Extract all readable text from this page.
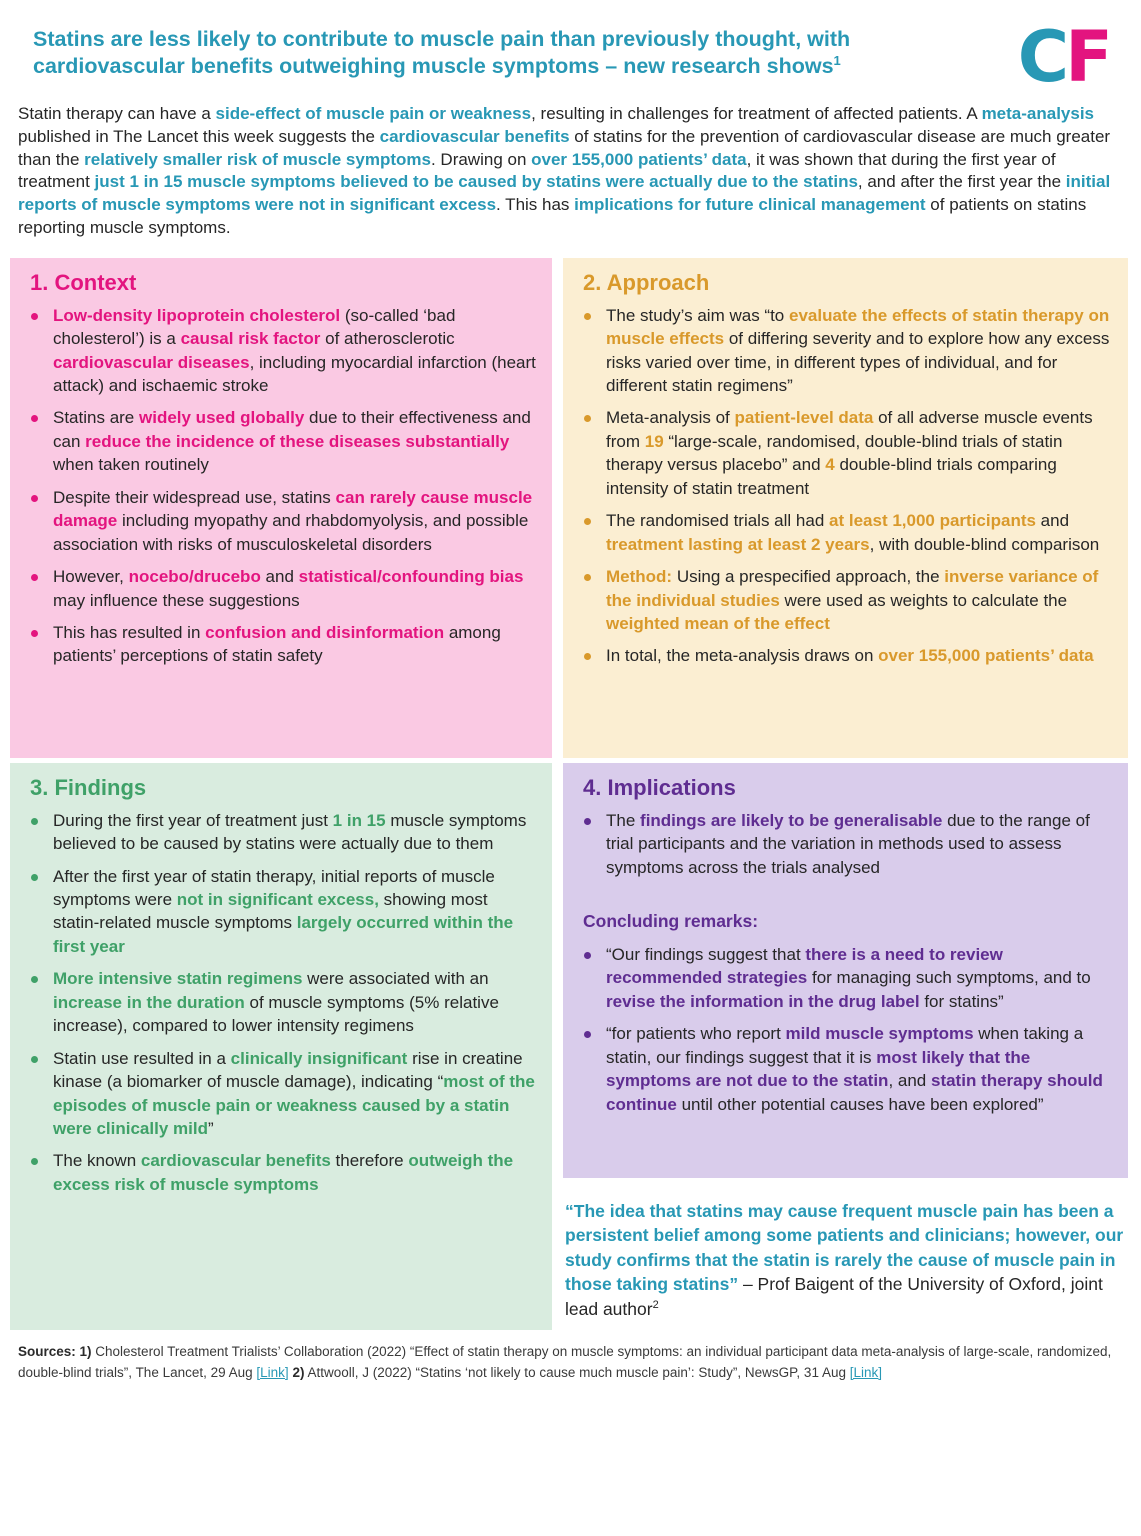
Statins are less likely to contribute to muscle pain than previously thought, with cardiovascular benefits outweighing muscle symptoms – new research shows$^1$	CF
Statin therapy can have a side-effect of muscle pain or weakness, resulting in challenges for treatment of affected patients. A meta-analysis published in The Lancet this week suggests the cardiovascular benefits of statins for the prevention of cardiovascular disease are much greater than the relatively smaller risk of muscle symptoms. Drawing on over 155,000 patients’ data, it was shown that during the first year of treatment just 1 in 15 muscle symptoms believed to be caused by statins were actually due to the statins, and after the first year the initial reports of muscle symptoms were not in significant excess. This has implications for future clinical management of patients on statins reporting muscle symptoms.
1. Context
Low-density lipoprotein cholesterol (so-called ‘bad cholesterol’) is a causal risk factor of atherosclerotic cardiovascular diseases, including myocardial infarction (heart attack) and ischaemic stroke
Statins are widely used globally due to their effectiveness and can reduce the incidence of these diseases substantially when taken routinely
Despite their widespread use, statins can rarely cause muscle damage including myopathy and rhabdomyolysis, and possible association with risks of musculoskeletal disorders
However, nocebo/drucebo and statistical/confounding bias may influence these suggestions
This has resulted in confusion and disinformation among patients’ perceptions of statin safety
3. Findings
During the first year of treatment just 1 in 15 muscle symptoms believed to be caused by statins were actually due to them
After the first year of statin therapy, initial reports of muscle symptoms were not in significant excess, showing most statin-related muscle symptoms largely occurred within the first year
More intensive statin regimens were associated with an increase in the duration of muscle symptoms (5% relative increase), compared to lower intensity regimens
Statin use resulted in a clinically insignificant rise in creatine kinase (a biomarker of muscle damage), indicating “most of the episodes of muscle pain or weakness caused by a statin were clinically mild”
The known cardiovascular benefits therefore outweigh the excess risk of muscle symptoms
2. Approach
The study’s aim was “to evaluate the effects of statin therapy on muscle effects of differing severity and to explore how any excess risks varied over time, in different types of individual, and for different statin regimens”
Meta-analysis of patient-level data of all adverse muscle events from 19 “large-scale, randomised, double-blind trials of statin therapy versus placebo” and 4 double-blind trials comparing intensity of statin treatment
The randomised trials all had at least 1,000 participants and treatment lasting at least 2 years, with double-blind comparison
Method: Using a prespecified approach, the inverse variance of the individual studies were used as weights to calculate the weighted mean of the effect
In total, the meta-analysis draws on over 155,000 patients’ data
4. Implications
The findings are likely to be generalisable due to the range of trial participants and the variation in methods used to assess symptoms across the trials analysed
Concluding remarks:
“Our findings suggest that there is a need to review recommended strategies for managing such symptoms, and to revise the information in the drug label for statins”
“for patients who report mild muscle symptoms when taking a statin, our findings suggest that it is most likely that the symptoms are not due to the statin, and statin therapy should continue until other potential causes have been explored”
“The idea that statins may cause frequent muscle pain has been a persistent belief among some patients and clinicians; however, our study confirms that the statin is rarely the cause of muscle pain in those taking statins” – Prof Baigent of the University of Oxford, joint lead author$^2$
Sources: 1) Cholesterol Treatment Trialists’ Collaboration (2022) “Effect of statin therapy on muscle symptoms: an individual participant data meta-analysis of large-scale, randomized, double-blind trials”, The Lancet, 29 Aug [Link] 2) Attwooll, J (2022) “Statins ‘not likely to cause much muscle pain’: Study”, NewsGP, 31 Aug [Link]
